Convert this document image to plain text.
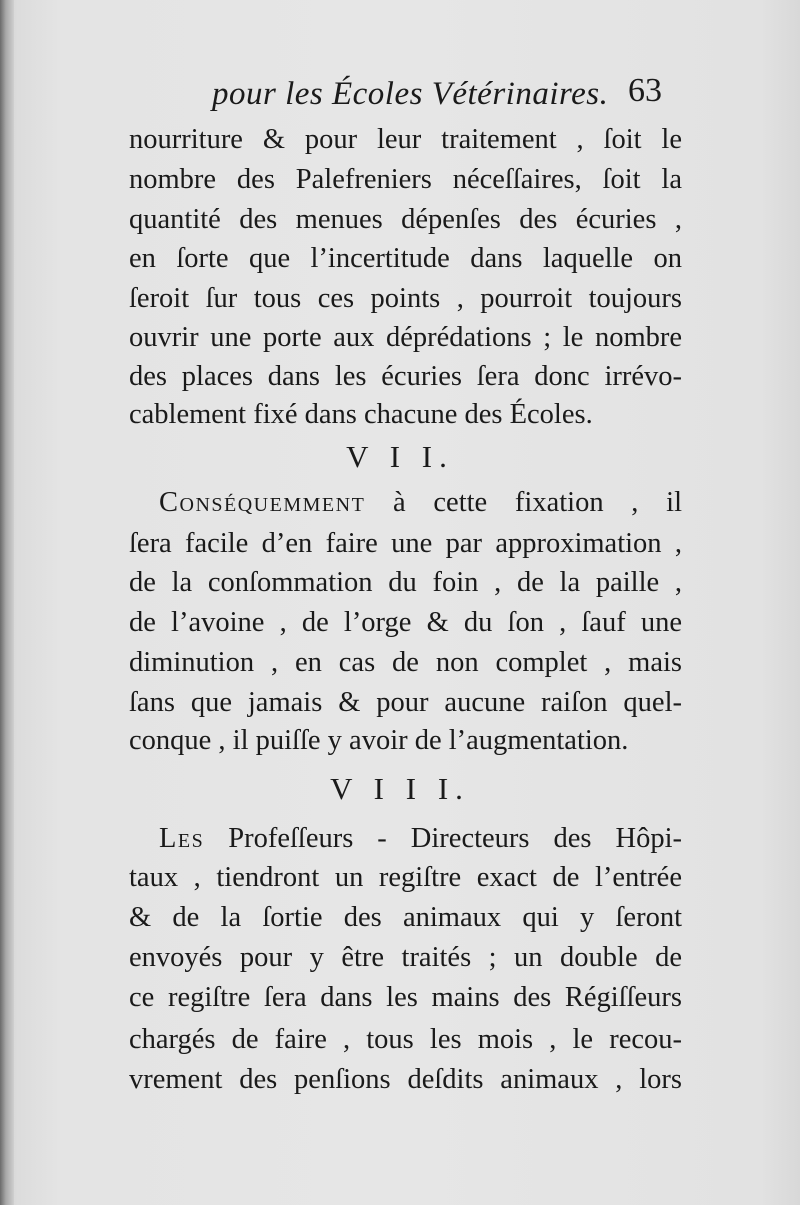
pour les Écoles Vétérinaires. 63
nourriture & pour leur traitement , ſoit le
nombre des Palefreniers néceſſaires, ſoit la
quantité des menues dépenſes des écuries ,
en ſorte que l’incertitude dans laquelle on
ſeroit ſur tous ces points , pourroit toujours
ouvrir une porte aux déprédations ; le nombre
des places dans les écuries ſera donc irrévo-
cablement fixé dans chacune des Écoles.
V I I.
Conséquemment à cette fixation , il
ſera facile d’en faire une par approximation ,
de la conſommation du foin , de la paille ,
de l’avoine , de l’orge & du ſon , ſauf une
diminution , en cas de non complet , mais
ſans que jamais & pour aucune raiſon quel-
conque , il puiſſe y avoir de l’augmentation.
V I I I.
Les Profeſſeurs - Directeurs des Hôpi-
taux , tiendront un regiſtre exact de l’entrée
& de la ſortie des animaux qui y ſeront
envoyés pour y être traités ; un double de
ce regiſtre ſera dans les mains des Régiſſeurs
chargés de faire , tous les mois , le recou-
vrement des penſions deſdits animaux , lors
